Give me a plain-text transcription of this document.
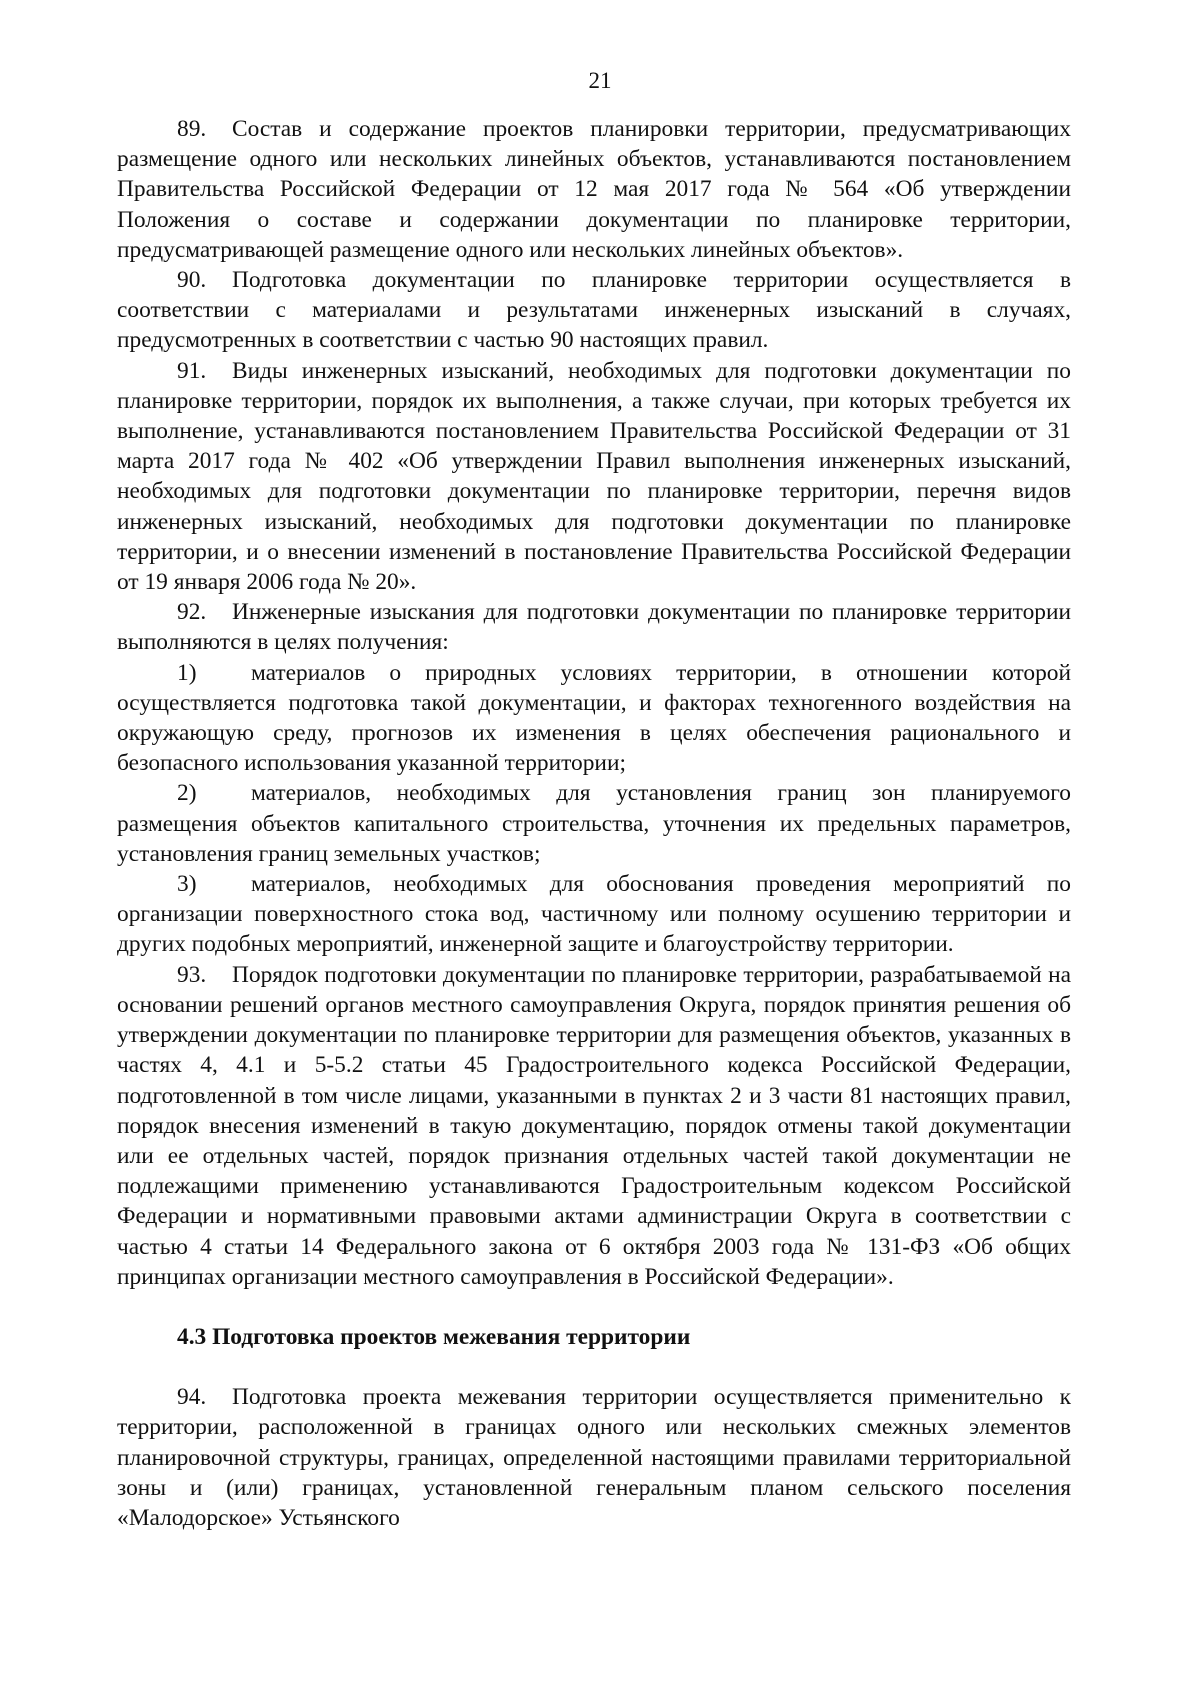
21

89. Состав и содержание проектов планировки территории, предусматривающих размещение одного или нескольких линейных объектов, устанавливаются постановлением Правительства Российской Федерации от 12 мая 2017 года № 564 «Об утверждении Положения о составе и содержании документации по планировке территории, предусматривающей размещение одного или нескольких линейных объектов».

90. Подготовка документации по планировке территории осуществляется в соответствии с материалами и результатами инженерных изысканий в случаях, предусмотренных в соответствии с частью 90 настоящих правил.

91. Виды инженерных изысканий, необходимых для подготовки документации по планировке территории, порядок их выполнения, а также случаи, при которых требуется их выполнение, устанавливаются постановлением Правительства Российской Федерации от 31 марта 2017 года № 402 «Об утверждении Правил выполнения инженерных изысканий, необходимых для подготовки документации по планировке территории, перечня видов инженерных изысканий, необходимых для подготовки документации по планировке территории, и о внесении изменений в постановление Правительства Российской Федерации от 19 января 2006 года № 20».

92. Инженерные изыскания для подготовки документации по планировке территории выполняются в целях получения:

1) материалов о природных условиях территории, в отношении которой осуществляется подготовка такой документации, и факторах техногенного воздействия на окружающую среду, прогнозов их изменения в целях обеспечения рационального и безопасного использования указанной территории;

2) материалов, необходимых для установления границ зон планируемого размещения объектов капитального строительства, уточнения их предельных параметров, установления границ земельных участков;

3) материалов, необходимых для обоснования проведения мероприятий по организации поверхностного стока вод, частичному или полному осушению территории и других подобных мероприятий, инженерной защите и благоустройству территории.

93. Порядок подготовки документации по планировке территории, разрабатываемой на основании решений органов местного самоуправления Округа, порядок принятия решения об утверждении документации по планировке территории для размещения объектов, указанных в частях 4, 4.1 и 5-5.2 статьи 45 Градостроительного кодекса Российской Федерации, подготовленной в том числе лицами, указанными в пунктах 2 и 3 части 81 настоящих правил, порядок внесения изменений в такую документацию, порядок отмены такой документации или ее отдельных частей, порядок признания отдельных частей такой документации не подлежащими применению устанавливаются Градостроительным кодексом Российской Федерации и нормативными правовыми актами администрации Округа в соответствии с частью 4 статьи 14 Федерального закона от 6 октября 2003 года № 131-ФЗ «Об общих принципах организации местного самоуправления в Российской Федерации».

4.3 Подготовка проектов межевания территории

94. Подготовка проекта межевания территории осуществляется применительно к территории, расположенной в границах одного или нескольких смежных элементов планировочной структуры, границах, определенной настоящими правилами территориальной зоны и (или) границах, установленной генеральным планом сельского поселения «Малодорское» Устьянского
